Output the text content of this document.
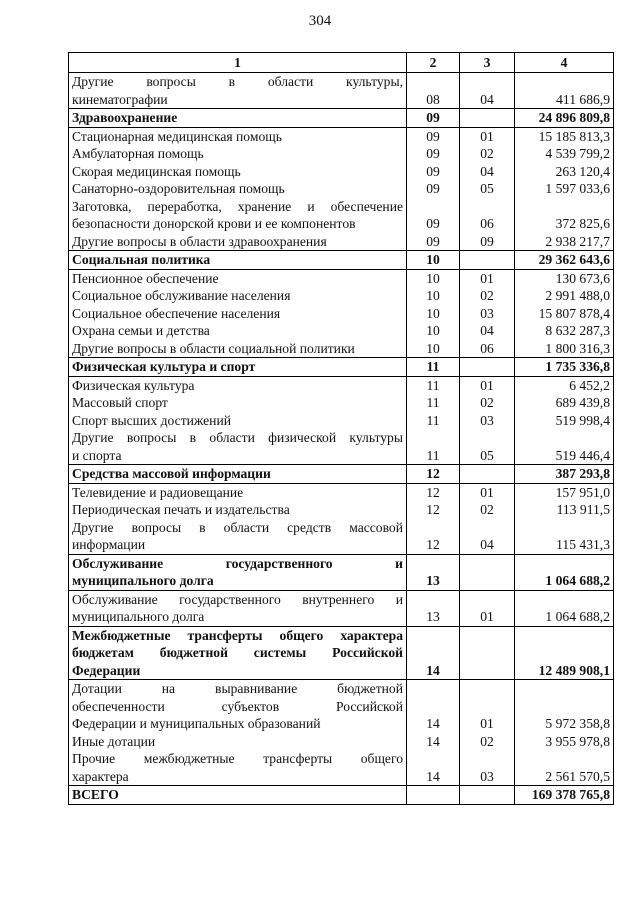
304
1	2	3	4

Другие вопросы в области культуры,
кинематографии	08	04	411 686,9

Здравоохранение	09		24 896 809,8

Стационарная медицинская помощь	09	01	15 185 813,3

Амбулаторная помощь	09	02	4 539 799,2

Скорая медицинская помощь	09	04	263 120,4

Санаторно-оздоровительная помощь	09	05	1 597 033,6

Заготовка, переработка, хранение и обеспечение
безопасности донорской крови и ее компонентов	09	06	372 825,6

Другие вопросы в области здравоохранения	09	09	2 938 217,7

Социальная политика	10		29 362 643,6

Пенсионное обеспечение	10	01	130 673,6

Социальное обслуживание населения	10	02	2 991 488,0

Социальное обеспечение населения	10	03	15 807 878,4

Охрана семьи и детства	10	04	8 632 287,3

Другие вопросы в области социальной политики	10	06	1 800 316,3

Физическая культура и спорт	11		1 735 336,8

Физическая культура	11	01	6 452,2

Массовый спорт	11	02	689 439,8

Спорт высших достижений	11	03	519 998,4

Другие вопросы в области физической культуры
и спорта	11	05	519 446,4

Средства массовой информации	12		387 293,8

Телевидение и радиовещание	12	01	157 951,0

Периодическая печать и издательства	12	02	113 911,5

Другие вопросы в области средств массовой
информации	12	04	115 431,3

Обслуживание государственного и
муниципального долга	13		1 064 688,2

Обслуживание государственного внутреннего и
муниципального долга	13	01	1 064 688,2

Межбюджетные трансферты общего характера
бюджетам бюджетной системы Российской
Федерации	14		12 489 908,1

Дотации на выравнивание бюджетной
обеспеченности субъектов Российской
Федерации и муниципальных образований	14	01	5 972 358,8

Иные дотации	14	02	3 955 978,8

Прочие межбюджетные трансферты общего
характера	14	03	2 561 570,5

ВСЕГО			169 378 765,8
